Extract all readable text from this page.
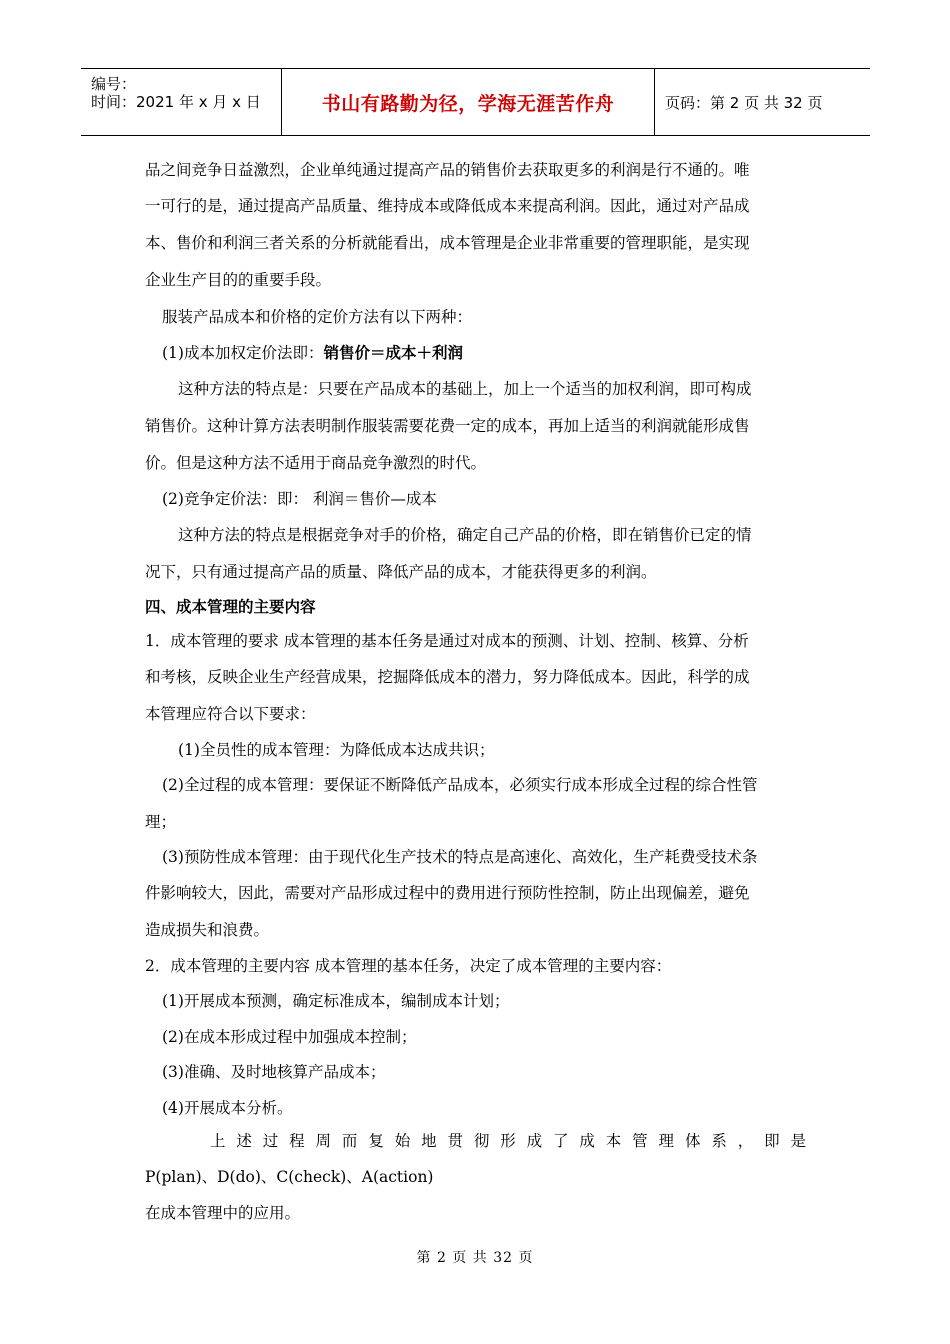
编号：
时间：2021 年 x 月 x 日	书山有路勤为径，学海无涯苦作舟	页码：第 2 页 共 32 页
品之间竞争日益激烈，企业单纯通过提高产品的销售价去获取更多的利润是行不通的。唯
一可行的是，通过提高产品质量、维持成本或降低成本来提高利润。因此，通过对产品成
本、售价和利润三者关系的分析就能看出，成本管理是企业非常重要的管理职能，是实现
企业生产目的的重要手段。
服装产品成本和价格的定价方法有以下两种：
(1)成本加权定价法即：销售价＝成本＋利润
这种方法的特点是：只要在产品成本的基础上，加上一个适当的加权利润，即可构成
销售价。这种计算方法表明制作服装需要花费一定的成本，再加上适当的利润就能形成售
价。但是这种方法不适用于商品竞争激烈的时代。
(2)竞争定价法：即： 利润＝售价—成本
这种方法的特点是根据竞争对手的价格，确定自己产品的价格，即在销售价已定的情
况下，只有通过提高产品的质量、降低产品的成本，才能获得更多的利润。
四、成本管理的主要内容
1．成本管理的要求 成本管理的基本任务是通过对成本的预测、计划、控制、核算、分析
和考核，反映企业生产经营成果，挖掘降低成本的潜力，努力降低成本。因此，科学的成
本管理应符合以下要求：
(1)全员性的成本管理：为降低成本达成共识；
(2)全过程的成本管理：要保证不断降低产品成本，必须实行成本形成全过程的综合性管
理；
(3)预防性成本管理：由于现代化生产技术的特点是高速化、高效化，生产耗费受技术条
件影响较大，因此，需要对产品形成过程中的费用进行预防性控制，防止出现偏差，避免
造成损失和浪费。
2．成本管理的主要内容 成本管理的基本任务，决定了成本管理的主要内容：
(1)开展成本预测，确定标准成本，编制成本计划；
(2)在成本形成过程中加强成本控制；
(3)准确、及时地核算产品成本；
(4)开展成本分析。
上述过程周而复始地贯彻形成了成本管理体系，即是
P(plan)、D(do)、C(check)、A(action)
在成本管理中的应用。
第 2 页 共 32 页
